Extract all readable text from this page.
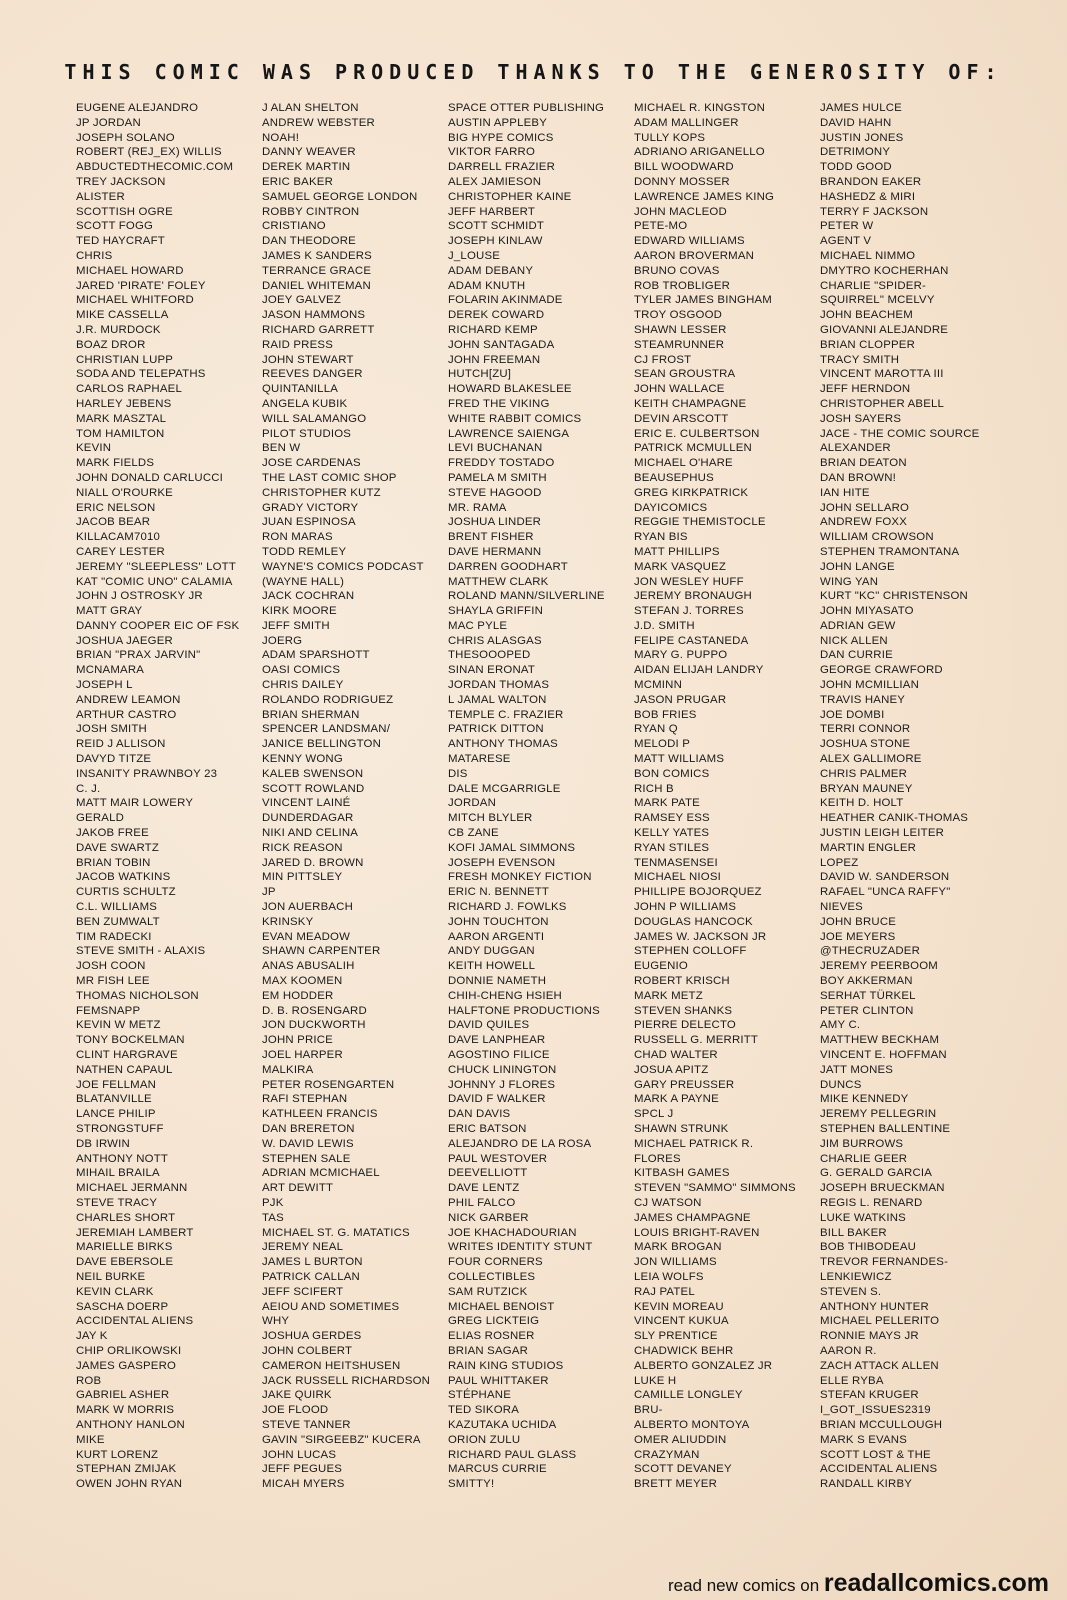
THIS COMIC WAS PRODUCED THANKS TO THE GENEROSITY OF:
EUGENE ALEJANDRO
JP JORDAN
JOSEPH SOLANO
ROBERT (REJ_EX) WILLIS
ABDUCTEDTHECOMIC.COM
TREY JACKSON
ALISTER
SCOTTISH OGRE
SCOTT FOGG
TED HAYCRAFT
CHRIS
MICHAEL HOWARD
JARED 'PIRATE' FOLEY
MICHAEL WHITFORD
MIKE CASSELLA
J.R. MURDOCK
BOAZ DROR
CHRISTIAN LUPP
SODA AND TELEPATHS
CARLOS RAPHAEL
HARLEY JEBENS
MARK MASZTAL
TOM HAMILTON
KEVIN
MARK FIELDS
JOHN DONALD CARLUCCI
NIALL O'ROURKE
ERIC NELSON
JACOB BEAR
KILLACAM7010
CAREY LESTER
JEREMY "SLEEPLESS" LOTT
KAT "COMIC UNO" CALAMIA
JOHN J OSTROSKY JR
MATT GRAY
DANNY COOPER EIC OF FSK
JOSHUA JAEGER
BRIAN "PRAX JARVIN"
MCNAMARA
JOSEPH L
ANDREW LEAMON
ARTHUR CASTRO
JOSH SMITH
REID J ALLISON
DAVYD TITZE
INSANITY PRAWNBOY 23
C. J.
MATT MAIR LOWERY
GERALD
JAKOB FREE
DAVE SWARTZ
BRIAN TOBIN
JACOB WATKINS
CURTIS SCHULTZ
C.L. WILLIAMS
BEN ZUMWALT
TIM RADECKI
STEVE SMITH - ALAXIS
JOSH COON
MR FISH LEE
THOMAS NICHOLSON
FEMSNAPP
KEVIN W METZ
TONY BOCKELMAN
CLINT HARGRAVE
NATHEN CAPAUL
JOE FELLMAN
BLATANVILLE
LANCE PHILIP
STRONGSTUFF
DB IRWIN
ANTHONY NOTT
MIHAIL BRAILA
MICHAEL JERMANN
STEVE TRACY
CHARLES SHORT
JEREMIAH LAMBERT
MARIELLE BIRKS
DAVE EBERSOLE
NEIL BURKE
KEVIN CLARK
SASCHA DOERP
ACCIDENTAL ALIENS
JAY K
CHIP ORLIKOWSKI
JAMES GASPERO
ROB
GABRIEL ASHER
MARK W MORRIS
ANTHONY HANLON
MIKE
KURT LORENZ
STEPHAN ZMIJAK
OWEN JOHN RYAN
J ALAN SHELTON
ANDREW WEBSTER
NOAH!
DANNY WEAVER
DEREK MARTIN
ERIC BAKER
SAMUEL GEORGE LONDON
ROBBY CINTRON
CRISTIANO
DAN THEODORE
JAMES K SANDERS
TERRANCE GRACE
DANIEL WHITEMAN
JOEY GALVEZ
JASON HAMMONS
RICHARD GARRETT
RAID PRESS
JOHN STEWART
REEVES DANGER
QUINTANILLA
ANGELA KUBIK
WILL SALAMANGO
PILOT STUDIOS
BEN W
JOSE CARDENAS
THE LAST COMIC SHOP
CHRISTOPHER KUTZ
GRADY VICTORY
JUAN ESPINOSA
RON MARAS
TODD REMLEY
WAYNE'S COMICS PODCAST
(WAYNE HALL)
JACK COCHRAN
KIRK MOORE
JEFF SMITH
JOERG
ADAM SPARSHOTT
OASI COMICS
CHRIS DAILEY
ROLANDO RODRIGUEZ
BRIAN SHERMAN
SPENCER LANDSMAN/
JANICE BELLINGTON
KENNY WONG
KALEB SWENSON
SCOTT ROWLAND
VINCENT LAINÉ
DUNDERDAGAR
NIKI AND CELINA
RICK REASON
JARED D. BROWN
MIN PITTSLEY
JP
JON AUERBACH
KRINSKY
EVAN MEADOW
SHAWN CARPENTER
ANAS ABUSALIH
MAX KOOMEN
EM HODDER
D. B. ROSENGARD
JON DUCKWORTH
JOHN PRICE
JOEL HARPER
MALKIRA
PETER ROSENGARTEN
RAFI STEPHAN
KATHLEEN FRANCIS
DAN BRERETON
W. DAVID LEWIS
STEPHEN SALE
ADRIAN MCMICHAEL
ART DEWITT
PJK
TAS
MICHAEL ST. G. MATATICS
JEREMY NEAL
JAMES L BURTON
PATRICK CALLAN
JEFF SCIFERT
AEIOU AND SOMETIMES
WHY
JOSHUA GERDES
JOHN COLBERT
CAMERON HEITSHUSEN
JACK RUSSELL RICHARDSON
JAKE QUIRK
JOE FLOOD
STEVE TANNER
GAVIN "SIRGEEBZ" KUCERA
JOHN LUCAS
JEFF PEGUES
MICAH MYERS
SPACE OTTER PUBLISHING
AUSTIN APPLEBY
BIG HYPE COMICS
VIKTOR FARRO
DARRELL FRAZIER
ALEX JAMIESON
CHRISTOPHER KAINE
JEFF HARBERT
SCOTT SCHMIDT
JOSEPH KINLAW
J_LOUSE
ADAM DEBANY
ADAM KNUTH
FOLARIN AKINMADE
DEREK COWARD
RICHARD KEMP
JOHN SANTAGADA
JOHN FREEMAN
HUTCH[ZU]
HOWARD BLAKESLEE
FRED THE VIKING
WHITE RABBIT COMICS
LAWRENCE SAIENGA
LEVI BUCHANAN
FREDDY TOSTADO
PAMELA M SMITH
STEVE HAGOOD
MR. RAMA
JOSHUA LINDER
BRENT FISHER
DAVE HERMANN
DARREN GOODHART
MATTHEW CLARK
ROLAND MANN/SILVERLINE
SHAYLA GRIFFIN
MAC PYLE
CHRIS ALASGAS
THESOOOPED
SINAN ERONAT
JORDAN THOMAS
L JAMAL WALTON
TEMPLE C. FRAZIER
PATRICK DITTON
ANTHONY THOMAS
MATARESE
DIS
DALE MCGARRIGLE
JORDAN
MITCH BLYLER
CB ZANE
KOFI JAMAL SIMMONS
JOSEPH EVENSON
FRESH MONKEY FICTION
ERIC N. BENNETT
RICHARD J. FOWLKS
JOHN TOUCHTON
AARON ARGENTI
ANDY DUGGAN
KEITH HOWELL
DONNIE NAMETH
CHIH-CHENG HSIEH
HALFTONE PRODUCTIONS
DAVID QUILES
DAVE LANPHEAR
AGOSTINO FILICE
CHUCK LININGTON
JOHNNY J FLORES
DAVID F WALKER
DAN DAVIS
ERIC BATSON
ALEJANDRO DE LA ROSA
PAUL WESTOVER
DEEVELLIOTT
DAVE LENTZ
PHIL FALCO
NICK GARBER
JOE KHACHADOURIAN
WRITES IDENTITY STUNT
FOUR CORNERS
COLLECTIBLES
SAM RUTZICK
MICHAEL BENOIST
GREG LICKTEIG
ELIAS ROSNER
BRIAN SAGAR
RAIN KING STUDIOS
PAUL WHITTAKER
STÉPHANE
TED SIKORA
KAZUTAKA UCHIDA
ORION ZULU
RICHARD PAUL GLASS
MARCUS CURRIE
SMITTY!
MICHAEL R. KINGSTON
ADAM MALLINGER
TULLY KOPS
ADRIANO ARIGANELLO
BILL WOODWARD
DONNY MOSSER
LAWRENCE JAMES KING
JOHN MACLEOD
PETE-MO
EDWARD WILLIAMS
AARON BROVERMAN
BRUNO COVAS
ROB TROBLIGER
TYLER JAMES BINGHAM
TROY OSGOOD
SHAWN LESSER
STEAMRUNNER
CJ FROST
SEAN GROUSTRA
JOHN WALLACE
KEITH CHAMPAGNE
DEVIN ARSCOTT
ERIC E. CULBERTSON
PATRICK MCMULLEN
MICHAEL O'HARE
BEAUSEPHUS
GREG KIRKPATRICK
DAYICOMICS
REGGIE THEMISTOCLE
RYAN BIS
MATT PHILLIPS
MARK VASQUEZ
JON WESLEY HUFF
JEREMY BRONAUGH
STEFAN J. TORRES
J.D. SMITH
FELIPE CASTANEDA
MARY G. PUPPO
AIDAN ELIJAH LANDRY
MCMINN
JASON PRUGAR
BOB FRIES
RYAN Q
MELODI P
MATT WILLIAMS
BON COMICS
RICH B
MARK PATE
RAMSEY ESS
KELLY YATES
RYAN STILES
TENMASENSEI
MICHAEL NIOSI
PHILLIPE BOJORQUEZ
JOHN P WILLIAMS
DOUGLAS HANCOCK
JAMES W. JACKSON JR
STEPHEN COLLOFF
EUGENIO
ROBERT KRISCH
MARK METZ
STEVEN SHANKS
PIERRE DELECTO
RUSSELL G. MERRITT
CHAD WALTER
JOSUA APITZ
GARY PREUSSER
MARK A PAYNE
SPCL J
SHAWN STRUNK
MICHAEL PATRICK R.
FLORES
KITBASH GAMES
STEVEN "SAMMO" SIMMONS
CJ WATSON
JAMES CHAMPAGNE
LOUIS BRIGHT-RAVEN
MARK BROGAN
JON WILLIAMS
LEIA WOLFS
RAJ PATEL
KEVIN MOREAU
VINCENT KUKUA
SLY PRENTICE
CHADWICK BEHR
ALBERTO GONZALEZ JR
LUKE H
CAMILLE LONGLEY
BRU-
ALBERTO MONTOYA
OMER ALIUDDIN
CRAZYMAN
SCOTT DEVANEY
BRETT MEYER
JAMES HULCE
DAVID HAHN
JUSTIN JONES
DETRIMONY
TODD GOOD
BRANDON EAKER
HASHEDZ & MIRI
TERRY F JACKSON
PETER W
AGENT V
MICHAEL NIMMO
DMYTRO KOCHERHAN
CHARLIE "SPIDER-
SQUIRREL" MCELVY
JOHN BEACHEM
GIOVANNI ALEJANDRE
BRIAN CLOPPER
TRACY SMITH
VINCENT MAROTTA III
JEFF HERNDON
CHRISTOPHER ABELL
JOSH SAYERS
JACE - THE COMIC SOURCE
ALEXANDER
BRIAN DEATON
DAN BROWN!
IAN HITE
JOHN SELLARO
ANDREW FOXX
WILLIAM CROWSON
STEPHEN TRAMONTANA
JOHN LANGE
WING YAN
KURT "KC" CHRISTENSON
JOHN MIYASATO
ADRIAN GEW
NICK ALLEN
DAN CURRIE
GEORGE CRAWFORD
JOHN MCMILLIAN
TRAVIS HANEY
JOE DOMBI
TERRI CONNOR
JOSHUA STONE
ALEX GALLIMORE
CHRIS PALMER
BRYAN MAUNEY
KEITH D. HOLT
HEATHER CANIK-THOMAS
JUSTIN LEIGH LEITER
MARTIN ENGLER
LOPEZ
DAVID W. SANDERSON
RAFAEL "UNCA RAFFY"
NIEVES
JOHN BRUCE
JOE MEYERS
@THECRUZADER
JEREMY PEERBOOM
BOY AKKERMAN
SERHAT TÜRKEL
PETER CLINTON
AMY C.
MATTHEW BECKHAM
VINCENT E. HOFFMAN
JATT MONES
DUNCS
MIKE KENNEDY
JEREMY PELLEGRIN
STEPHEN BALLENTINE
JIM BURROWS
CHARLIE GEER
G. GERALD GARCIA
JOSEPH BRUECKMAN
REGIS L. RENARD
LUKE WATKINS
BILL BAKER
BOB THIBODEAU
TREVOR FERNANDES-
LENKIEWICZ
STEVEN S.
ANTHONY HUNTER
MICHAEL PELLERITO
RONNIE MAYS JR
AARON R.
ZACH ATTACK ALLEN
ELLE RYBA
STEFAN KRUGER
I_GOT_ISSUES2319
BRIAN MCCULLOUGH
MARK S EVANS
SCOTT LOST & THE
ACCIDENTAL ALIENS
RANDALL KIRBY
read new comics on readallcomics.com
